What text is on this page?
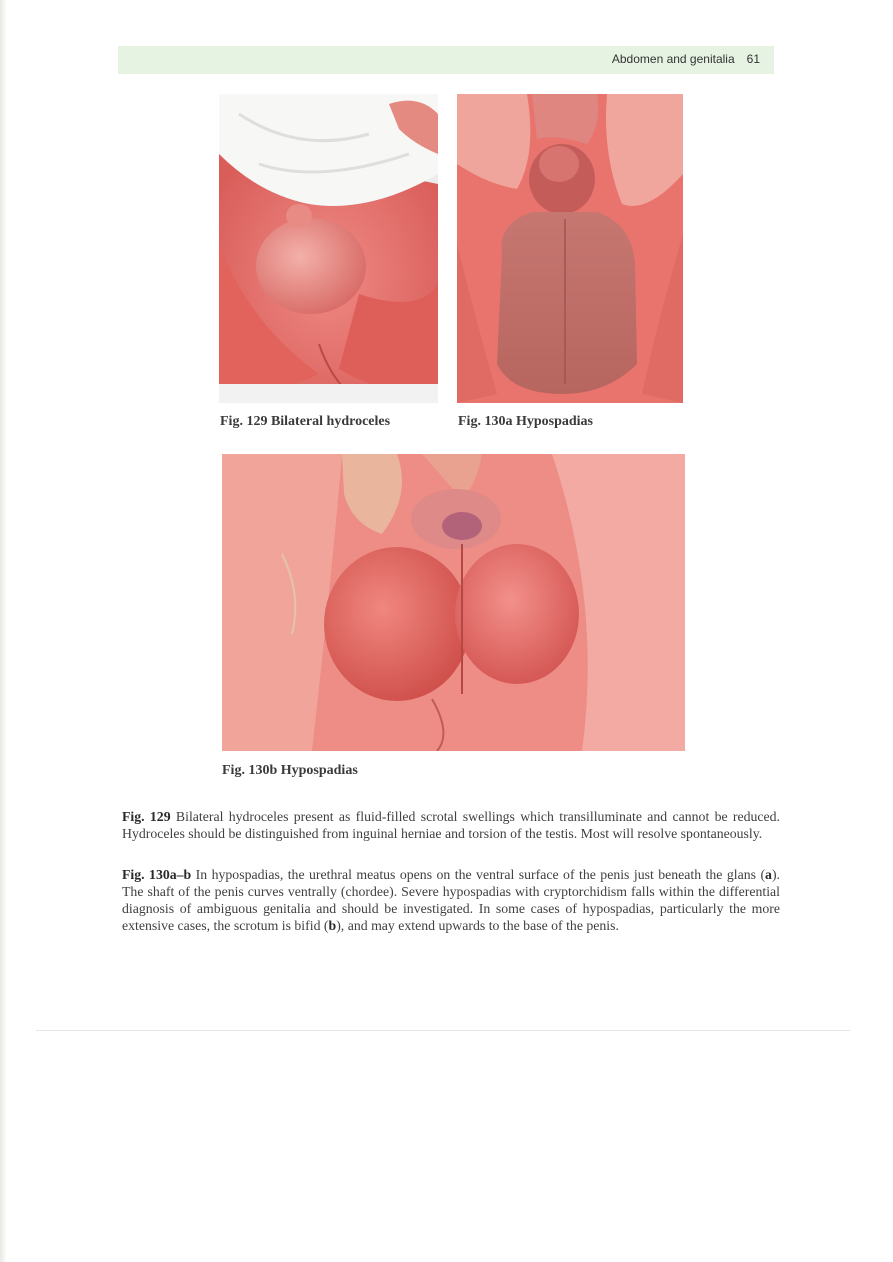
Abdomen and genitalia 61
Fig. 129 Bilateral hydroceles	Fig. 130a Hypospadias
Fig. 130b Hypospadias
Fig. 129 Bilateral hydroceles present as fluid-filled scrotal swellings which transilluminate and cannot be reduced. Hydroceles should be distinguished from inguinal herniae and torsion of the testis. Most will resolve spontaneously.
Fig. 130a–b In hypospadias, the urethral meatus opens on the ventral surface of the penis just beneath the glans (a). The shaft of the penis curves ventrally (chordee). Severe hypospadias with cryptorchidism falls within the differential diagnosis of ambiguous genitalia and should be investigated. In some cases of hypospadias, particularly the more extensive cases, the scrotum is bifid (b), and may extend upwards to the base of the penis.
